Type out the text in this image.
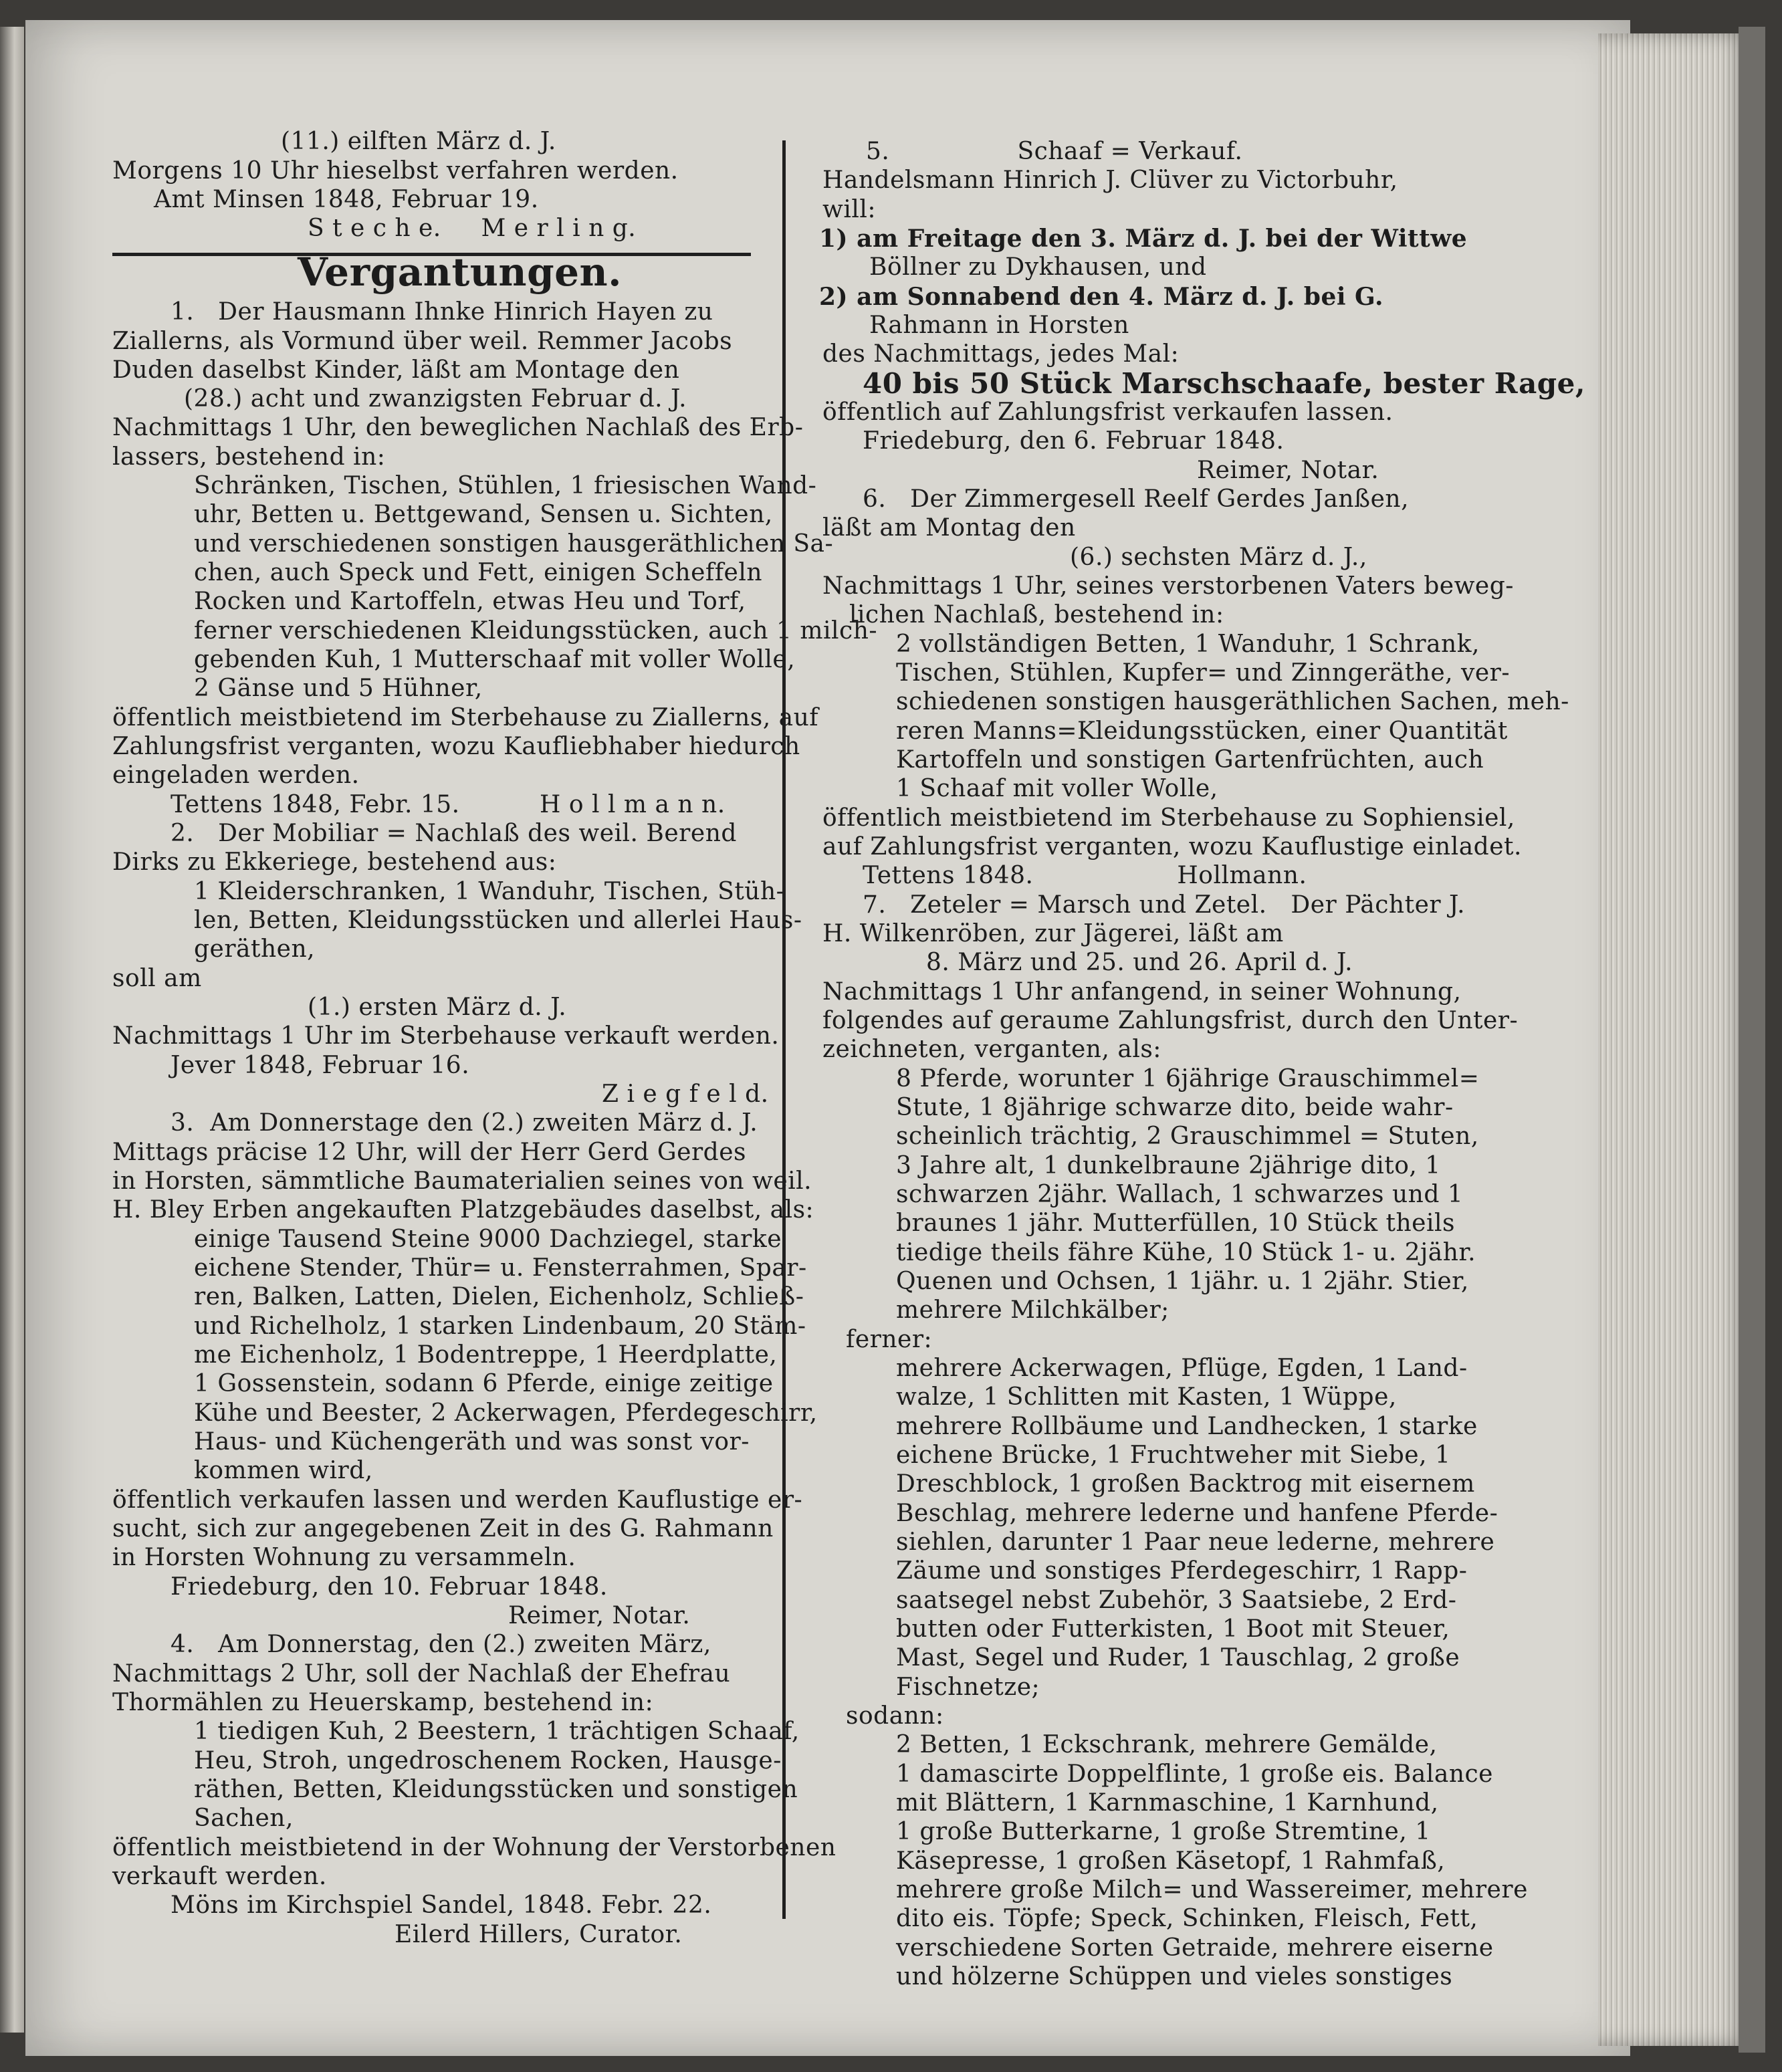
(11.) eilften März d. J.
Morgens 10 Uhr hieselbst verfahren werden.
Amt Minsen 1848, Februar 19.
S t e c h e.     M e r l i n g.
Vergantungen.
1.   Der Hausmann Ihnke Hinrich Hayen zu
Ziallerns, als Vormund über weil. Remmer Jacobs
Duden daselbst Kinder, läßt am Montage den
(28.) acht und zwanzigsten Februar d. J.
Nachmittags 1 Uhr, den beweglichen Nachlaß des Erb-
lassers, bestehend in:
Schränken, Tischen, Stühlen, 1 friesischen Wand-
uhr, Betten u. Bettgewand, Sensen u. Sichten,
und verschiedenen sonstigen hausgeräthlichen Sa-
chen, auch Speck und Fett, einigen Scheffeln
Rocken und Kartoffeln, etwas Heu und Torf,
ferner verschiedenen Kleidungsstücken, auch 1 milch-
gebenden Kuh, 1 Mutterschaaf mit voller Wolle,
2 Gänse und 5 Hühner,
öffentlich meistbietend im Sterbehause zu Ziallerns, auf
Zahlungsfrist verganten, wozu Kaufliebhaber hiedurch
eingeladen werden.
Tettens 1848, Febr. 15.          H o l l m a n n.
2.   Der Mobiliar = Nachlaß des weil. Berend
Dirks zu Ekkeriege, bestehend aus:
1 Kleiderschranken, 1 Wanduhr, Tischen, Stüh-
len, Betten, Kleidungsstücken und allerlei Haus-
geräthen,
soll am
(1.) ersten März d. J.
Nachmittags 1 Uhr im Sterbehause verkauft werden.
Jever 1848, Februar 16.
Z i e g f e l d.
3.  Am Donnerstage den (2.) zweiten März d. J.
Mittags präcise 12 Uhr, will der Herr Gerd Gerdes
in Horsten, sämmtliche Baumaterialien seines von weil.
H. Bley Erben angekauften Platzgebäudes daselbst, als:
einige Tausend Steine 9000 Dachziegel, starke
eichene Stender, Thür= u. Fensterrahmen, Spar-
ren, Balken, Latten, Dielen, Eichenholz, Schließ-
und Richelholz, 1 starken Lindenbaum, 20 Stäm-
me Eichenholz, 1 Bodentreppe, 1 Heerdplatte,
1 Gossenstein, sodann 6 Pferde, einige zeitige
Kühe und Beester, 2 Ackerwagen, Pferdegeschirr,
Haus- und Küchengeräth und was sonst vor-
kommen wird,
öffentlich verkaufen lassen und werden Kauflustige er-
sucht, sich zur angegebenen Zeit in des G. Rahmann
in Horsten Wohnung zu versammeln.
Friedeburg, den 10. Februar 1848.
Reimer, Notar.
4.   Am Donnerstag, den (2.) zweiten März,
Nachmittags 2 Uhr, soll der Nachlaß der Ehefrau
Thormählen zu Heuerskamp, bestehend in:
1 tiedigen Kuh, 2 Beestern, 1 trächtigen Schaaf,
Heu, Stroh, ungedroschenem Rocken, Hausge-
räthen, Betten, Kleidungsstücken und sonstigen
Sachen,
öffentlich meistbietend in der Wohnung der Verstorbenen
verkauft werden.
Möns im Kirchspiel Sandel, 1848. Febr. 22.
Eilerd Hillers, Curator.
5.                Schaaf = Verkauf.
Handelsmann Hinrich J. Clüver zu Victorbuhr,
will:
1) am Freitage den 3. März d. J. bei der Wittwe
Böllner zu Dykhausen, und
2) am Sonnabend den 4. März d. J. bei G.
Rahmann in Horsten
des Nachmittags, jedes Mal:
40 bis 50 Stück Marschschaafe, bester Rage,
öffentlich auf Zahlungsfrist verkaufen lassen.
Friedeburg, den 6. Februar 1848.
Reimer, Notar.
6.   Der Zimmergesell Reelf Gerdes Janßen,
läßt am Montag den
(6.) sechsten März d. J.,
Nachmittags 1 Uhr, seines verstorbenen Vaters beweg-
lichen Nachlaß, bestehend in:
2 vollständigen Betten, 1 Wanduhr, 1 Schrank,
Tischen, Stühlen, Kupfer= und Zinngeräthe, ver-
schiedenen sonstigen hausgeräthlichen Sachen, meh-
reren Manns=Kleidungsstücken, einer Quantität
Kartoffeln und sonstigen Gartenfrüchten, auch
1 Schaaf mit voller Wolle,
öffentlich meistbietend im Sterbehause zu Sophiensiel,
auf Zahlungsfrist verganten, wozu Kauflustige einladet.
Tettens 1848.                  Hollmann.
7.   Zeteler = Marsch und Zetel.   Der Pächter J.
H. Wilkenröben, zur Jägerei, läßt am
8. März und 25. und 26. April d. J.
Nachmittags 1 Uhr anfangend, in seiner Wohnung,
folgendes auf geraume Zahlungsfrist, durch den Unter-
zeichneten, verganten, als:
8 Pferde, worunter 1 6jährige Grauschimmel=
Stute, 1 8jährige schwarze dito, beide wahr-
scheinlich trächtig, 2 Grauschimmel = Stuten,
3 Jahre alt, 1 dunkelbraune 2jährige dito, 1
schwarzen 2jähr. Wallach, 1 schwarzes und 1
braunes 1 jähr. Mutterfüllen, 10 Stück theils
tiedige theils fähre Kühe, 10 Stück 1- u. 2jähr.
Quenen und Ochsen, 1 1jähr. u. 1 2jähr. Stier,
mehrere Milchkälber;
ferner:
mehrere Ackerwagen, Pflüge, Egden, 1 Land-
walze, 1 Schlitten mit Kasten, 1 Wüppe,
mehrere Rollbäume und Landhecken, 1 starke
eichene Brücke, 1 Fruchtweher mit Siebe, 1
Dreschblock, 1 großen Backtrog mit eisernem
Beschlag, mehrere lederne und hanfene Pferde-
siehlen, darunter 1 Paar neue lederne, mehrere
Zäume und sonstiges Pferdegeschirr, 1 Rapp-
saatsegel nebst Zubehör, 3 Saatsiebe, 2 Erd-
butten oder Futterkisten, 1 Boot mit Steuer,
Mast, Segel und Ruder, 1 Tauschlag, 2 große
Fischnetze;
sodann:
2 Betten, 1 Eckschrank, mehrere Gemälde,
1 damascirte Doppelflinte, 1 große eis. Balance
mit Blättern, 1 Karnmaschine, 1 Karnhund,
1 große Butterkarne, 1 große Stremtine, 1
Käsepresse, 1 großen Käsetopf, 1 Rahmfaß,
mehrere große Milch= und Wassereimer, mehrere
dito eis. Töpfe; Speck, Schinken, Fleisch, Fett,
verschiedene Sorten Getraide, mehrere eiserne
und hölzerne Schüppen und vieles sonstiges
